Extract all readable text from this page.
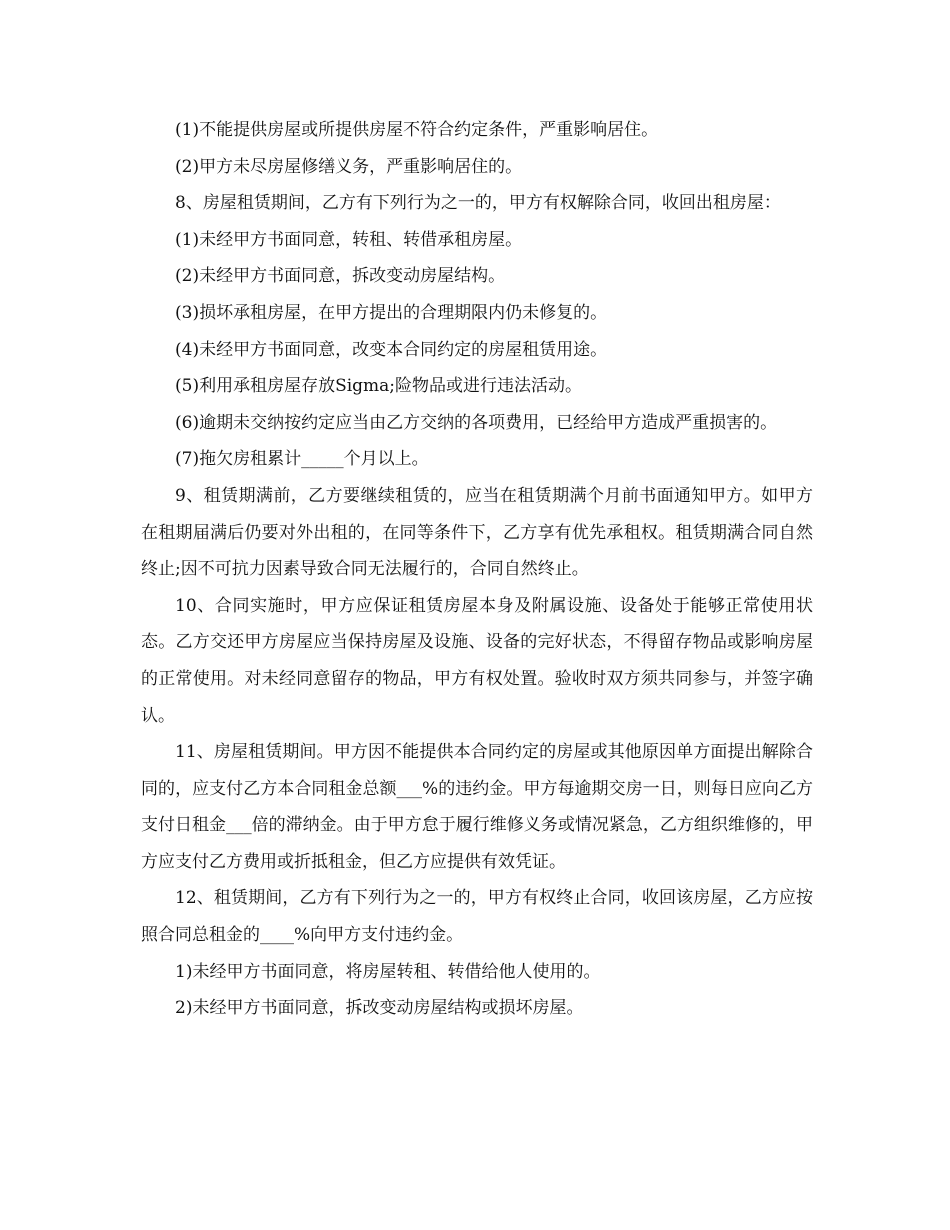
(1)不能提供房屋或所提供房屋不符合约定条件，严重影响居住。

(2)甲方未尽房屋修缮义务，严重影响居住的。

8、房屋租赁期间，乙方有下列行为之一的，甲方有权解除合同，收回出租房屋：

(1)未经甲方书面同意，转租、转借承租房屋。

(2)未经甲方书面同意，拆改变动房屋结构。

(3)损坏承租房屋，在甲方提出的合理期限内仍未修复的。

(4)未经甲方书面同意，改变本合同约定的房屋租赁用途。

(5)利用承租房屋存放Sigma;险物品或进行违法活动。

(6)逾期未交纳按约定应当由乙方交纳的各项费用，已经给甲方造成严重损害的。

(7)拖欠房租累计_____个月以上。

9、租赁期满前，乙方要继续租赁的，应当在租赁期满个月前书面通知甲方。如甲方在租期届满后仍要对外出租的，在同等条件下，乙方享有优先承租权。租赁期满合同自然终止;因不可抗力因素导致合同无法履行的，合同自然终止。

10、合同实施时，甲方应保证租赁房屋本身及附属设施、设备处于能够正常使用状态。乙方交还甲方房屋应当保持房屋及设施、设备的完好状态，不得留存物品或影响房屋的正常使用。对未经同意留存的物品，甲方有权处置。验收时双方须共同参与，并签字确认。

11、房屋租赁期间。甲方因不能提供本合同约定的房屋或其他原因单方面提出解除合同的，应支付乙方本合同租金总额___%的违约金。甲方每逾期交房一日，则每日应向乙方支付日租金___倍的滞纳金。由于甲方怠于履行维修义务或情况紧急，乙方组织维修的，甲方应支付乙方费用或折抵租金，但乙方应提供有效凭证。

12、租赁期间，乙方有下列行为之一的，甲方有权终止合同，收回该房屋，乙方应按照合同总租金的____%向甲方支付违约金。

1)未经甲方书面同意，将房屋转租、转借给他人使用的。

2)未经甲方书面同意，拆改变动房屋结构或损坏房屋。
